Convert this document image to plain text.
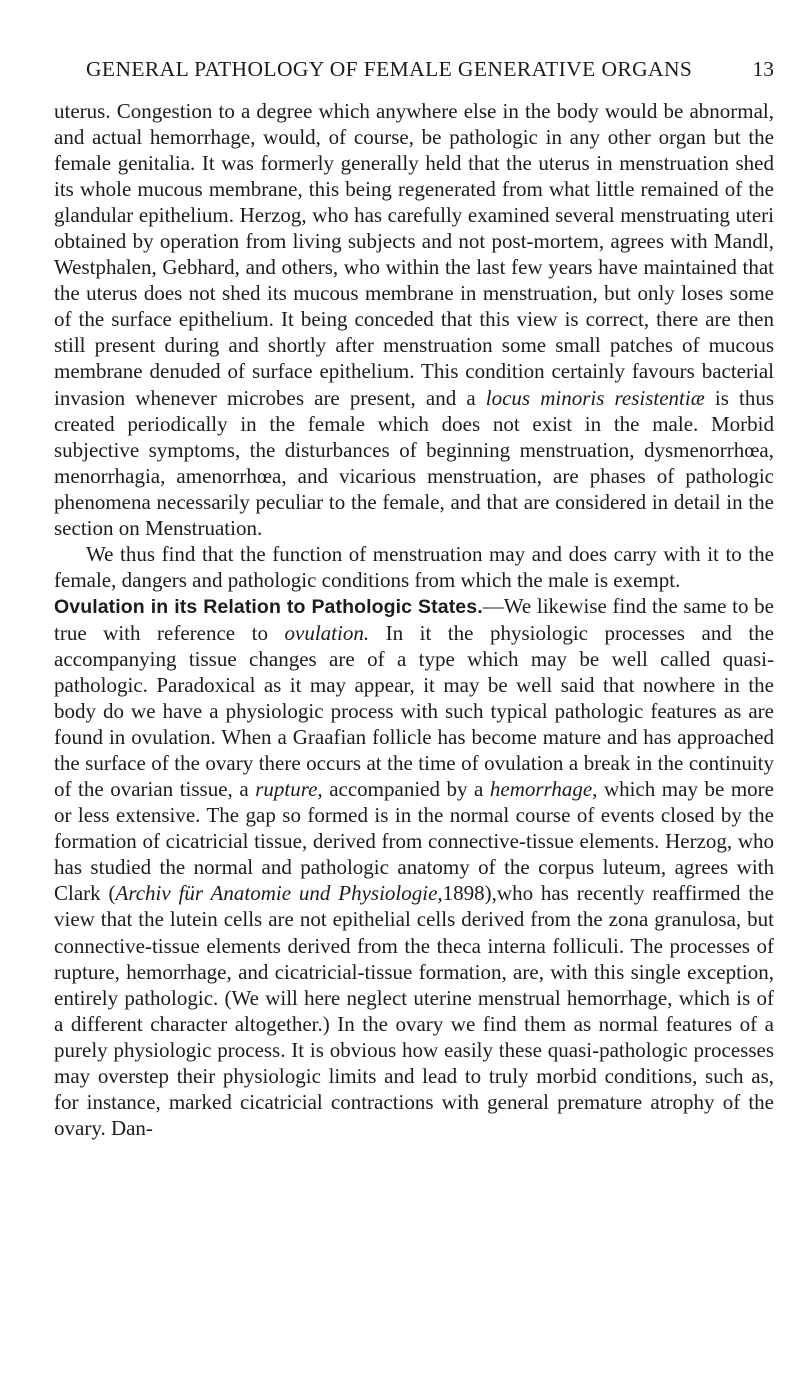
GENERAL PATHOLOGY OF FEMALE GENERATIVE ORGANS	13

uterus. Congestion to a degree which anywhere else in the body would be abnormal, and actual hemorrhage, would, of course, be pathologic in any other organ but the female genitalia. It was formerly generally held that the uterus in menstruation shed its whole mucous membrane, this being regenerated from what little remained of the glandular epithelium. Herzog, who has carefully examined several menstruating uteri obtained by operation from living subjects and not post-mortem, agrees with Mandl, Westphalen, Gebhard, and others, who within the last few years have maintained that the uterus does not shed its mucous membrane in menstruation, but only loses some of the surface epithelium. It being conceded that this view is correct, there are then still present during and shortly after menstruation some small patches of mucous membrane denuded of surface epithelium. This condition certainly favours bacterial invasion whenever microbes are present, and a locus minoris resistentiæ is thus created periodically in the female which does not exist in the male. Morbid subjective symptoms, the disturbances of beginning menstruation, dysmenorrhœa, menorrhagia, amenorrhœa, and vicarious menstruation, are phases of pathologic phenomena necessarily peculiar to the female, and that are considered in detail in the section on Menstruation.

We thus find that the function of menstruation may and does carry with it to the female, dangers and pathologic conditions from which the male is exempt.

Ovulation in its Relation to Pathologic States.—We likewise find the same to be true with reference to ovulation. In it the physiologic processes and the accompanying tissue changes are of a type which may be well called quasi-pathologic. Paradoxical as it may appear, it may be well said that nowhere in the body do we have a physiologic process with such typical pathologic features as are found in ovulation. When a Graafian follicle has become mature and has approached the surface of the ovary there occurs at the time of ovulation a break in the continuity of the ovarian tissue, a rupture, accompanied by a hemorrhage, which may be more or less extensive. The gap so formed is in the normal course of events closed by the formation of cicatricial tissue, derived from connective-tissue elements. Herzog, who has studied the normal and pathologic anatomy of the corpus luteum, agrees with Clark (Archiv für Anatomie und Physiologie,1898),who has recently reaffirmed the view that the lutein cells are not epithelial cells derived from the zona granulosa, but connective-tissue elements derived from the theca interna folliculi. The processes of rupture, hemorrhage, and cicatricial-tissue formation, are, with this single exception, entirely pathologic. (We will here neglect uterine menstrual hemorrhage, which is of a different character altogether.) In the ovary we find them as normal features of a purely physiologic process. It is obvious how easily these quasi-pathologic processes may overstep their physiologic limits and lead to truly morbid conditions, such as, for instance, marked cicatricial contractions with general premature atrophy of the ovary. Dan-
